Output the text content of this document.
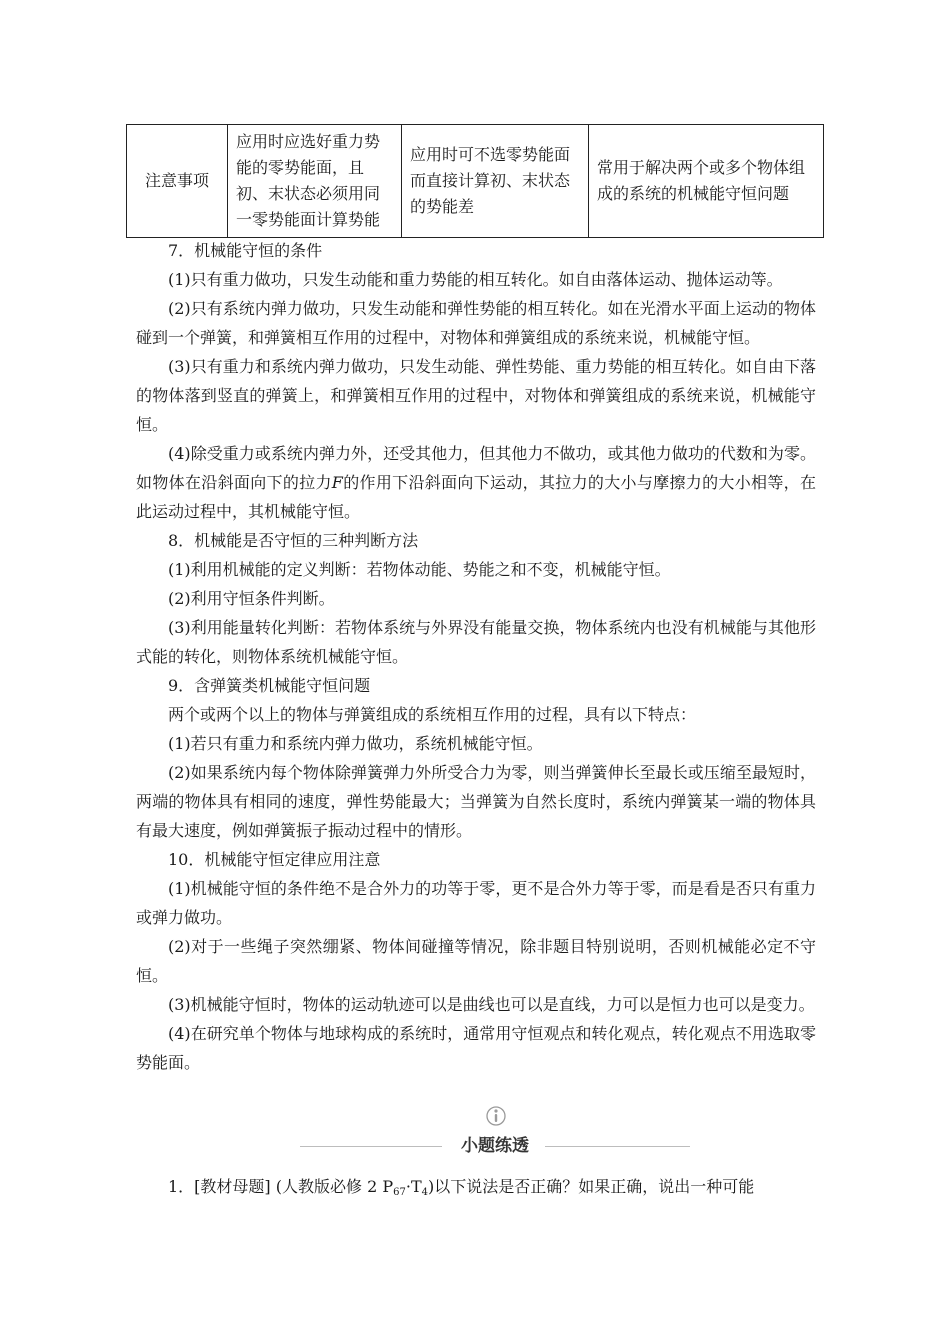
注意事项	应用时应选好重力势能的零势能面，且初、末状态必须用同一零势能面计算势能	应用时可不选零势能面而直接计算初、末状态的势能差	常用于解决两个或多个物体组成的系统的机械能守恒问题

7．机械能守恒的条件

(1)只有重力做功，只发生动能和重力势能的相互转化。如自由落体运动、抛体运动等。

(2)只有系统内弹力做功，只发生动能和弹性势能的相互转化。如在光滑水平面上运动的物体碰到一个弹簧，和弹簧相互作用的过程中，对物体和弹簧组成的系统来说，机械能守恒。

(3)只有重力和系统内弹力做功，只发生动能、弹性势能、重力势能的相互转化。如自由下落的物体落到竖直的弹簧上，和弹簧相互作用的过程中，对物体和弹簧组成的系统来说，机械能守恒。

(4)除受重力或系统内弹力外，还受其他力，但其他力不做功，或其他力做功的代数和为零。如物体在沿斜面向下的拉力F的作用下沿斜面向下运动，其拉力的大小与摩擦力的大小相等，在此运动过程中，其机械能守恒。

8．机械能是否守恒的三种判断方法

(1)利用机械能的定义判断：若物体动能、势能之和不变，机械能守恒。

(2)利用守恒条件判断。

(3)利用能量转化判断：若物体系统与外界没有能量交换，物体系统内也没有机械能与其他形式能的转化，则物体系统机械能守恒。

9．含弹簧类机械能守恒问题

两个或两个以上的物体与弹簧组成的系统相互作用的过程，具有以下特点：

(1)若只有重力和系统内弹力做功，系统机械能守恒。

(2)如果系统内每个物体除弹簧弹力外所受合力为零，则当弹簧伸长至最长或压缩至最短时，两端的物体具有相同的速度，弹性势能最大；当弹簧为自然长度时，系统内弹簧某一端的物体具有最大速度，例如弹簧振子振动过程中的情形。

10．机械能守恒定律应用注意

(1)机械能守恒的条件绝不是合外力的功等于零，更不是合外力等于零，而是看是否只有重力或弹力做功。

(2)对于一些绳子突然绷紧、物体间碰撞等情况，除非题目特别说明，否则机械能必定不守恒。

(3)机械能守恒时，物体的运动轨迹可以是曲线也可以是直线，力可以是恒力也可以是变力。

(4)在研究单个物体与地球构成的系统时，通常用守恒观点和转化观点，转化观点不用选取零势能面。

小题练透
1．[教材母题] (人教版必修 2 $P_{67}\cdot T_4$)以下说法是否正确？如果正确，说出一种可能
